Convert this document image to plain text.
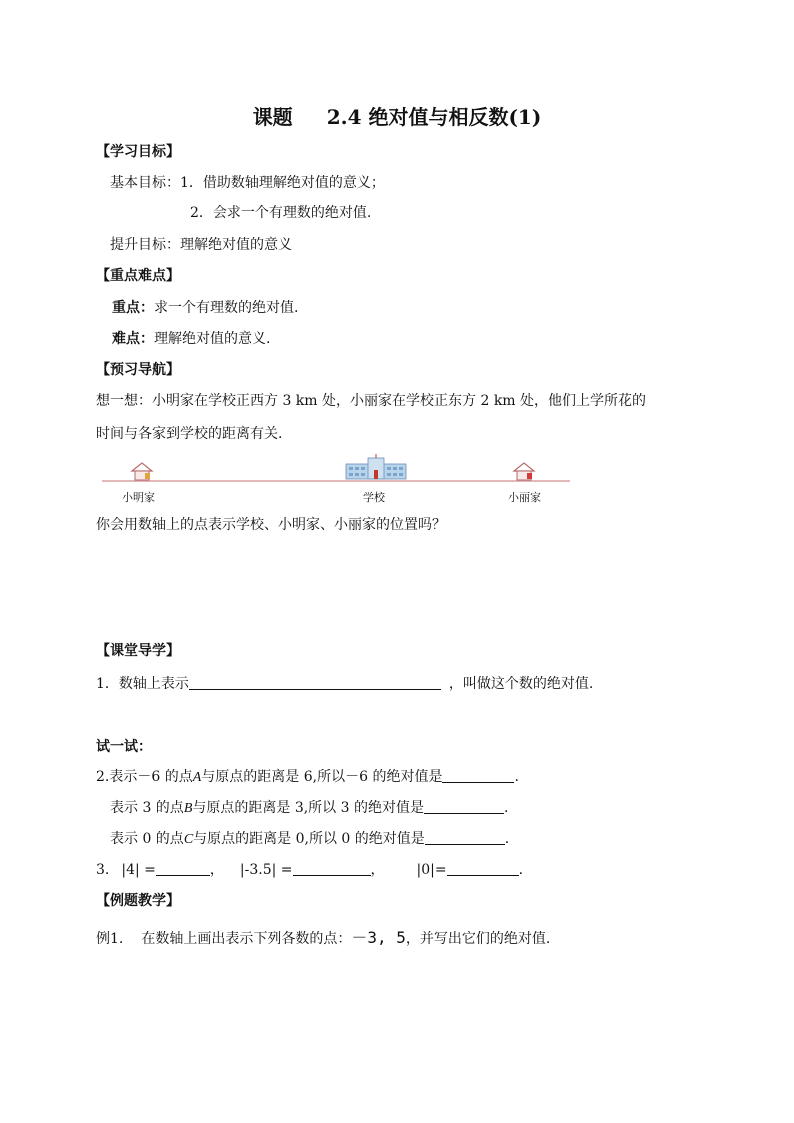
课题 2.4 绝对值与相反数(1)
【学习目标】
基本目标：1．借助数轴理解绝对值的意义；
2．会求一个有理数的绝对值.
提升目标：理解绝对值的意义
【重点难点】
重点：求一个有理数的绝对值.
难点：理解绝对值的意义.
【预习导航】
想一想：小明家在学校正西方 3 km 处，小丽家在学校正东方 2 km 处，他们上学所花的
时间与各家到学校的距离有关.
小明家	学校	小丽家
你会用数轴上的点表示学校、小明家、小丽家的位置吗？
【课堂导学】
1．数轴上表示	，叫做这个数的绝对值.
试一试：
2.表示－6 的点A与原点的距离是 6,所以－6 的绝对值是	.
表示 3 的点B与原点的距离是 3,所以 3 的绝对值是	.
表示 0 的点C与原点的距离是 0,所以 0 的绝对值是	.
3. |4| =	， |-3.5| =	， |0|=	.
【例题教学】
例1. 在数轴上画出表示下列各数的点：－3, 5，并写出它们的绝对值.
